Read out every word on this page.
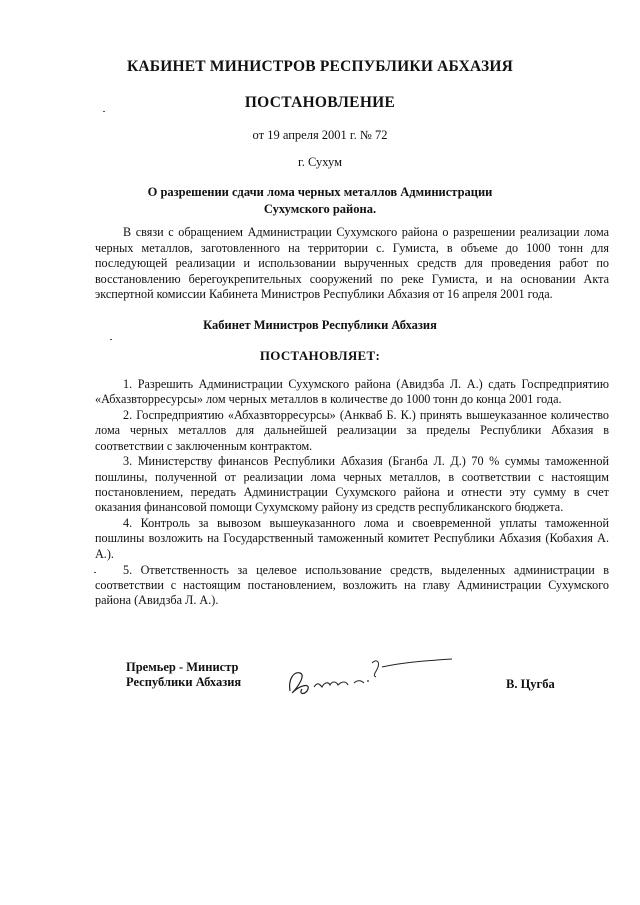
КАБИНЕТ МИНИСТРОВ РЕСПУБЛИКИ АБХАЗИЯ
ПОСТАНОВЛЕНИЕ
от 19 апреля 2001 г. № 72
г. Сухум
О разрешении сдачи лома черных металлов Администрации Сухумского района.

В связи с обращением Администрации Сухумского района о разрешении реализации лома черных металлов, заготовленного на территории с. Гумиста, в объеме до 1000 тонн для последующей реализации и использовании вырученных средств для проведения работ по восстановлению берегоукрепительных сооружений по реке Гумиста, и на основании Акта экспертной комиссии Кабинета Министров Республики Абхазия от 16 апреля 2001 года.

Кабинет Министров Республики Абхазия
ПОСТАНОВЛЯЕТ:

1. Разрешить Администрации Сухумского района (Авидзба Л. А.) сдать Госпредприятию «Абхазвторресурсы» лом черных металлов в количестве до 1000 тонн до конца 2001 года.

2. Госпредприятию «Абхазвторресурсы» (Анкваб Б. К.) принять вышеуказанное количество лома черных металлов для дальнейшей реализации за пределы Республики Абхазия в соответствии с заключенным контрактом.

3. Министерству финансов Республики Абхазия (Бганба Л. Д.) 70 % суммы таможенной пошлины, полученной от реализации лома черных металлов, в соответствии с настоящим постановлением, передать Администрации Сухумского района и отнести эту сумму в счет оказания финансовой помощи Сухумскому району из средств республиканского бюджета.

4. Контроль за вывозом вышеуказанного лома и своевременной уплаты таможенной пошлины возложить на Государственный таможенный комитет Республики Абхазия (Кобахия А. А.).

5. Ответственность за целевое использование средств, выделенных администрации в соответствии с настоящим постановлением, возложить на главу Администрации Сухумского района (Авидзба Л. А.).

Премьер - Министр
Республики Абхазия	В. Цугба
